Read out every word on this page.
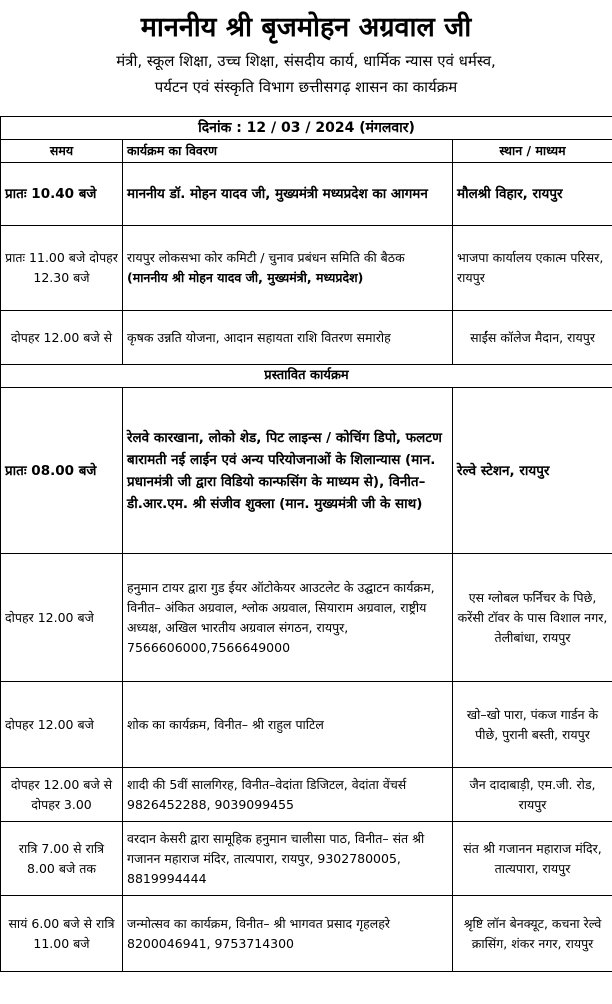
माननीय श्री बृजमोहन अग्रवाल जी
मंत्री, स्कूल शिक्षा, उच्च शिक्षा, संसदीय कार्य, धार्मिक न्यास एवं धर्मस्व,
पर्यटन एवं संस्कृति विभाग छत्तीसगढ़ शासन का कार्यक्रम
दिनांक : 12 / 03 / 2024 (मंगलवार)		
समय	कार्यक्रम का विवरण	स्थान / माध्यम
प्रातः 10.40 बजे	माननीय डॉ. मोहन यादव जी, मुख्यमंत्री मध्यप्रदेश का आगमन	मौलश्री विहार, रायपुर
प्रातः 11.00 बजे दोपहर 12.30 बजे	रायपुर लोकसभा कोर कमिटी / चुनाव प्रबंधन समिति की बैठक (माननीय श्री मोहन यादव जी, मुख्यमंत्री, मध्यप्रदेश)	भाजपा कार्यालय एकात्म परिसर, रायपुर
दोपहर 12.00 बजे से	कृषक उन्नति योजना, आदान सहायता राशि वितरण समारोह	साईंस कॉलेज मैदान, रायपुर
प्रस्तावित कार्यक्रम		
प्रातः 08.00 बजे	रेलवे कारखाना, लोको शेड, पिट लाइन्स / कोचिंग डिपो, फलटण बारामती नई लाईन एवं अन्य परियोजनाओं के शिलान्यास (मान. प्रधानमंत्री जी द्वारा विडियो कान्फसिंग के माध्यम से), विनीत– डी.आर.एम. श्री संजीव शुक्ला (मान. मुख्यमंत्री जी के साथ)	रेल्वे स्टेशन, रायपुर
दोपहर 12.00 बजे	हनुमान टायर द्वारा गुड ईयर ऑटोकेयर आउटलेट के उद्घाटन कार्यक्रम, विनीत– अंकित अग्रवाल, श्लोक अग्रवाल, सियाराम अग्रवाल, राष्ट्रीय अध्यक्ष, अखिल भारतीय अग्रवाल संगठन, रायपुर, 7566606000,7566649000	एस ग्लोबल फर्निचर के पिछे, करेंसी टॉवर के पास विशाल नगर, तेलीबांधा, रायपुर
दोपहर 12.00 बजे	शोक का कार्यक्रम, विनीत– श्री राहुल पाटिल	खो–खो पारा, पंकज गार्डन के पीछे, पुरानी बस्ती, रायपुर
दोपहर 12.00 बजे से दोपहर 3.00	शादी की 5वीं सालगिरह, विनीत–वेदांता डिजिटल, वेदांता वेंचर्स 9826452288, 9039099455	जैन दादाबाड़ी, एम.जी. रोड, रायपुर
रात्रि 7.00 से रात्रि 8.00 बजे तक	वरदान केसरी द्वारा सामूहिक हनुमान चालीसा पाठ, विनीत– संत श्री गजानन महाराज मंदिर, तात्यपारा, रायपुर, 9302780005, 8819994444	संत श्री गजानन महाराज मंदिर, तात्यपारा, रायपुर
सायं 6.00 बजे से रात्रि 11.00 बजे	जन्मोत्सव का कार्यक्रम, विनीत– श्री भागवत प्रसाद गृहलहरे 8200046941, 9753714300	श्रृष्टि लॉन बेनक्यूट, कचना रेल्वे क्रासिंग, शंकर नगर, रायपुर
